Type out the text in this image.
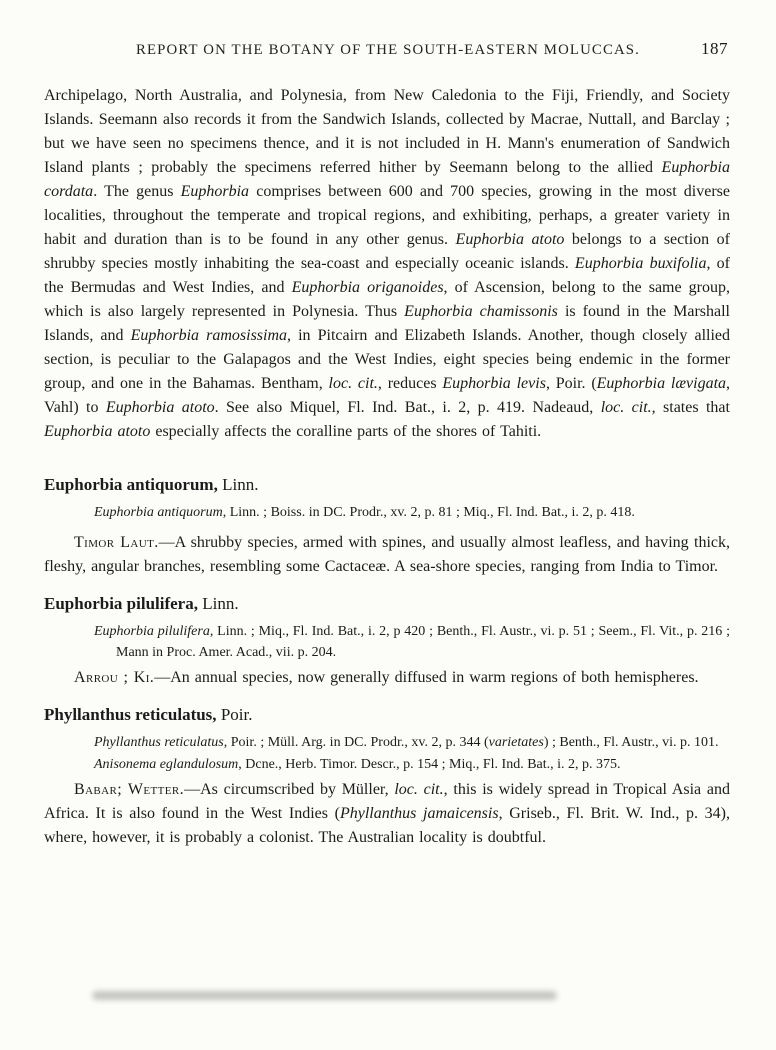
REPORT ON THE BOTANY OF THE SOUTH-EASTERN MOLUCCAS.	187

Archipelago, North Australia, and Polynesia, from New Caledonia to the Fiji, Friendly, and Society Islands. Seemann also records it from the Sandwich Islands, collected by Macrae, Nuttall, and Barclay ; but we have seen no specimens thence, and it is not included in H. Mann's enumeration of Sandwich Island plants ; probably the specimens referred hither by Seemann belong to the allied Euphorbia cordata. The genus Euphorbia comprises between 600 and 700 species, growing in the most diverse localities, throughout the temperate and tropical regions, and exhibiting, perhaps, a greater variety in habit and duration than is to be found in any other genus. Euphorbia atoto belongs to a section of shrubby species mostly inhabiting the sea-coast and especially oceanic islands. Euphorbia buxifolia, of the Bermudas and West Indies, and Euphorbia origanoides, of Ascension, belong to the same group, which is also largely represented in Polynesia. Thus Euphorbia chamissonis is found in the Marshall Islands, and Euphorbia ramosissima, in Pitcairn and Elizabeth Islands. Another, though closely allied section, is peculiar to the Galapagos and the West Indies, eight species being endemic in the former group, and one in the Bahamas. Bentham, loc. cit., reduces Euphorbia levis, Poir. (Euphorbia lævigata, Vahl) to Euphorbia atoto. See also Miquel, Fl. Ind. Bat., i. 2, p. 419. Nadeaud, loc. cit., states that Euphorbia atoto especially affects the coralline parts of the shores of Tahiti.

Euphorbia antiquorum, Linn.

Euphorbia antiquorum, Linn. ; Boiss. in DC. Prodr., xv. 2, p. 81 ; Miq., Fl. Ind. Bat., i. 2, p. 418.

Timor Laut.—A shrubby species, armed with spines, and usually almost leafless, and having thick, fleshy, angular branches, resembling some Cactaceæ. A sea-shore species, ranging from India to Timor.

Euphorbia pilulifera, Linn.

Euphorbia pilulifera, Linn. ; Miq., Fl. Ind. Bat., i. 2, p 420 ; Benth., Fl. Austr., vi. p. 51 ; Seem., Fl. Vit., p. 216 ; Mann in Proc. Amer. Acad., vii. p. 204.

Arrou ; Ki.—An annual species, now generally diffused in warm regions of both hemispheres.

Phyllanthus reticulatus, Poir.

Phyllanthus reticulatus, Poir. ; Müll. Arg. in DC. Prodr., xv. 2, p. 344 (varietates) ; Benth., Fl. Austr., vi. p. 101.

Anisonema eglandulosum, Dcne., Herb. Timor. Descr., p. 154 ; Miq., Fl. Ind. Bat., i. 2, p. 375.

Babar; Wetter.—As circumscribed by Müller, loc. cit., this is widely spread in Tropical Asia and Africa. It is also found in the West Indies (Phyllanthus jamaicensis, Griseb., Fl. Brit. W. Ind., p. 34), where, however, it is probably a colonist. The Australian locality is doubtful.
